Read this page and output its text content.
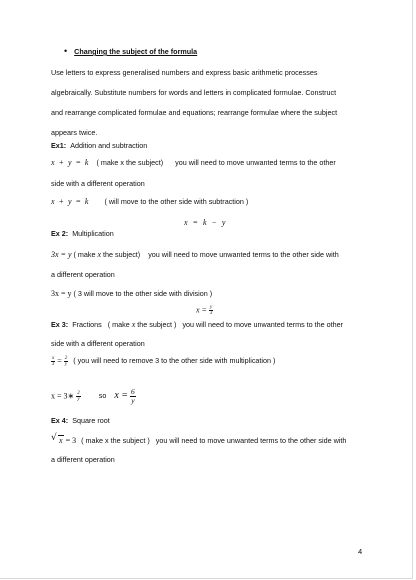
• Changing the subject of the formula
Use letters to express generalised numbers and express basic arithmetic processes
algebraically. Substitute numbers for words and letters in complicated formulae. Construct
and rearrange complicated formulae and equations; rearrange formulae where the subject
appears twice.
Ex1: Addition and subtraction
x + y = k ( make x the subject) you will need to move unwanted terms to the other
side with a different operation
x + y = k ( will move to the other side with subtraction )
x = k − y
Ex 2: Multiplication
3x = y ( make x the subject) you will need to move unwanted terms to the other side with
a different operation
3x = y ( 3 will move to the other side with division )
$x = \frac{y}{3}$
Ex 3: Fractions ( make x the subject ) you will need to move unwanted terms to the other
side with a different operation
$\frac{x}{3} = \frac{2}{y}$ ( you will need to remove 3 to the other side with multiplication )
x = 3∗ $\frac{2}{y}$	so $x = \frac{6}{y}$
Ex 4: Square root
√ x = 3 ( make x the subject ) you will need to move unwanted terms to the other side with
a different operation
4
